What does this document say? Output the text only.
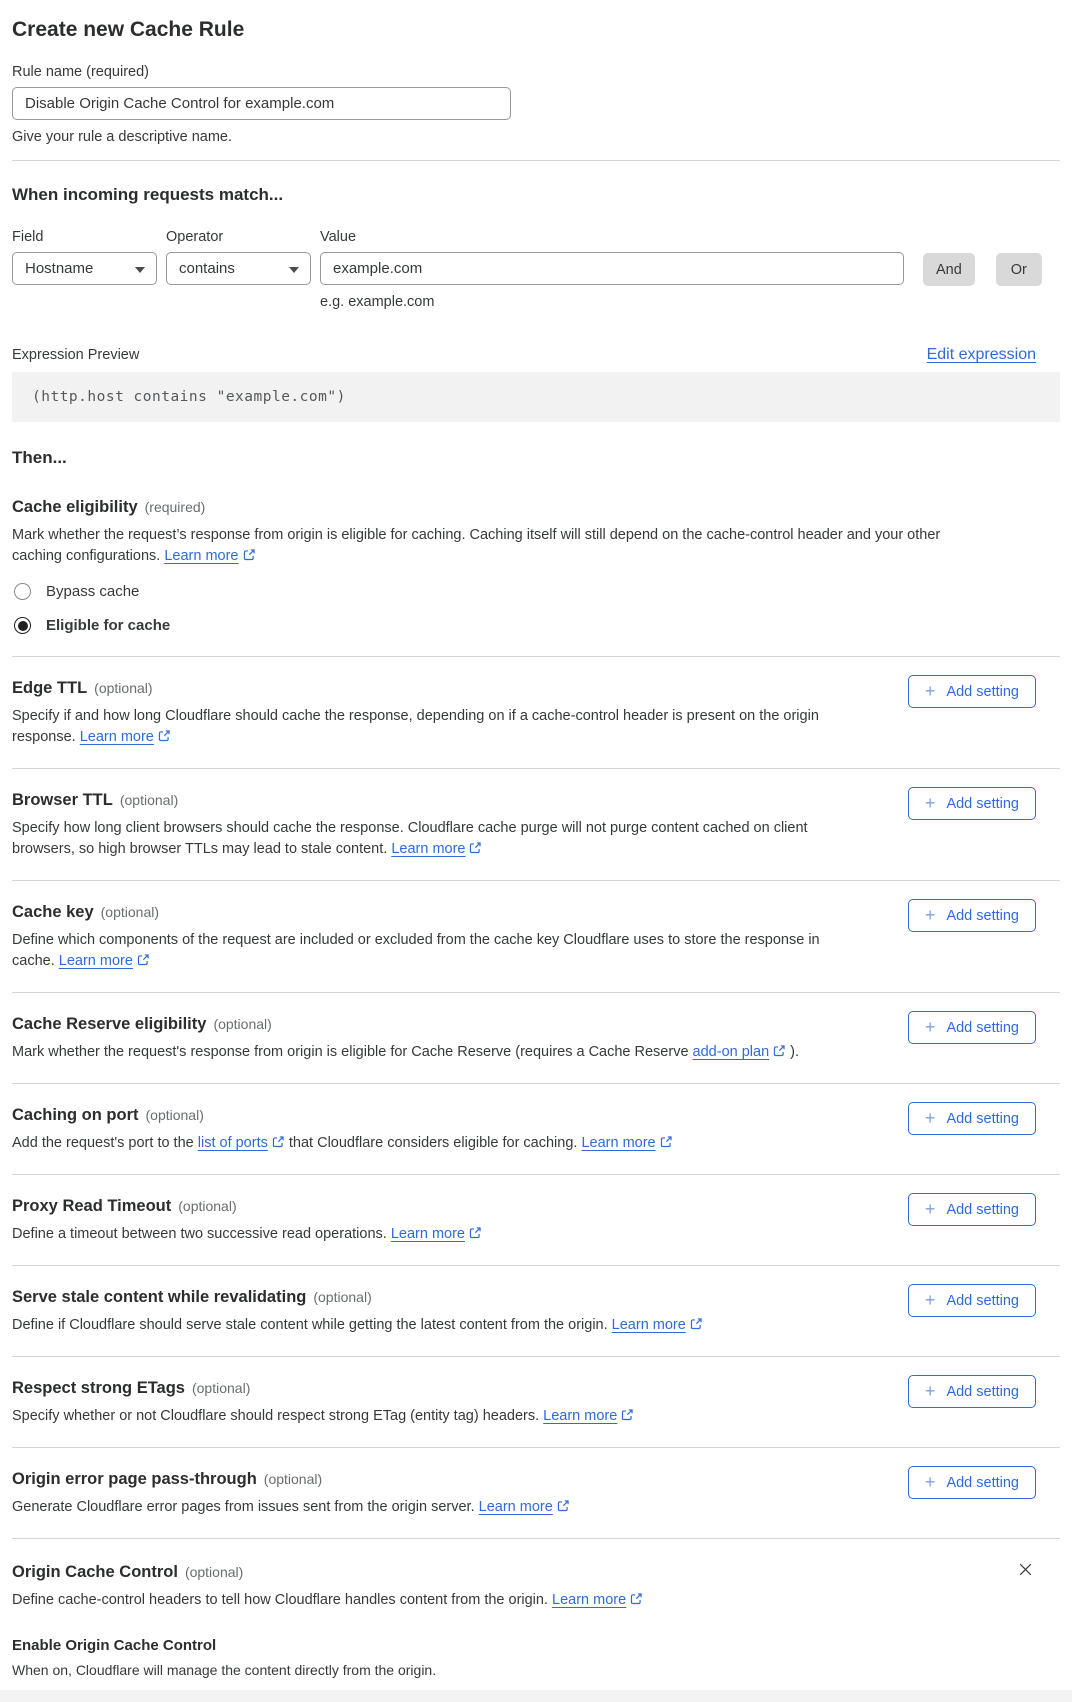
Create new Cache Rule
Rule name (required)
Disable Origin Cache Control for example.com
Give your rule a descriptive name.
When incoming requests match...
Field
Hostname
Operator
contains
Value
example.com
e.g. example.com
And	Or
Expression Preview	Edit expression
(http.host contains "example.com")
Then...
Cache eligibility (required)

Mark whether the request’s response from origin is eligible for caching. Caching itself will still depend on the cache-control header and your other caching configurations. Learn more

Bypass cache
Eligible for cache
Edge TTL (optional)

Specify if and how long Cloudflare should cache the response, depending on if a cache-control header is present on the origin response. Learn more

+ Add setting
Browser TTL (optional)

Specify how long client browsers should cache the response. Cloudflare cache purge will not purge content cached on client browsers, so high browser TTLs may lead to stale content. Learn more

+ Add setting
Cache key (optional)

Define which components of the request are included or excluded from the cache key Cloudflare uses to store the response in cache. Learn more

+ Add setting
Cache Reserve eligibility (optional)

Mark whether the request's response from origin is eligible for Cache Reserve (requires a Cache Reserve add-on plan ).

+ Add setting
Caching on port (optional)

Add the request's port to the list of ports that Cloudflare considers eligible for caching. Learn more

+ Add setting
Proxy Read Timeout (optional)

Define a timeout between two successive read operations. Learn more

+ Add setting
Serve stale content while revalidating (optional)

Define if Cloudflare should serve stale content while getting the latest content from the origin. Learn more

+ Add setting
Respect strong ETags (optional)

Specify whether or not Cloudflare should respect strong ETag (entity tag) headers. Learn more

+ Add setting
Origin error page pass-through (optional)

Generate Cloudflare error pages from issues sent from the origin server. Learn more

+ Add setting
Origin Cache Control (optional)

Define cache-control headers to tell how Cloudflare handles content from the origin. Learn more

Enable Origin Cache Control

When on, Cloudflare will manage the content directly from the origin.
